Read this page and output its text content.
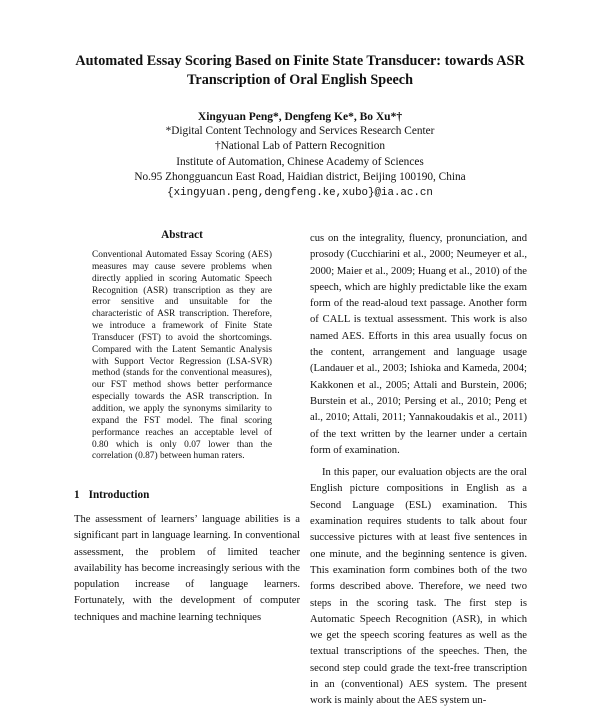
Automated Essay Scoring Based on Finite State Transducer: towards ASR Transcription of Oral English Speech
Xingyuan Peng*, Dengfeng Ke*, Bo Xu*†
*Digital Content Technology and Services Research Center
†National Lab of Pattern Recognition
Institute of Automation, Chinese Academy of Sciences
No.95 Zhongguancun East Road, Haidian district, Beijing 100190, China
{xingyuan.peng,dengfeng.ke,xubo}@ia.ac.cn
Abstract
Conventional Automated Essay Scoring (AES) measures may cause severe problems when directly applied in scoring Automatic Speech Recognition (ASR) transcription as they are error sensitive and unsuitable for the characteristic of ASR transcription. Therefore, we introduce a framework of Finite State Transducer (FST) to avoid the shortcomings. Compared with the Latent Semantic Analysis with Support Vector Regression (LSA-SVR) method (stands for the conventional measures), our FST method shows better performance especially towards the ASR transcription. In addition, we apply the synonyms similarity to expand the FST model. The final scoring performance reaches an acceptable level of 0.80 which is only 0.07 lower than the correlation (0.87) between human raters.
1 Introduction
The assessment of learners’ language abilities is a significant part in language learning. In conventional assessment, the problem of limited teacher availability has become increasingly serious with the population increase of language learners. Fortunately, with the development of computer techniques and machine learning techniques

cus on the integrality, fluency, pronunciation, and prosody (Cucchiarini et al., 2000; Neumeyer et al., 2000; Maier et al., 2009; Huang et al., 2010) of the speech, which are highly predictable like the exam form of the read-aloud text passage. Another form of CALL is textual assessment. This work is also named AES. Efforts in this area usually focus on the content, arrangement and language usage (Landauer et al., 2003; Ishioka and Kameda, 2004; Kakkonen et al., 2005; Attali and Burstein, 2006; Burstein et al., 2010; Persing et al., 2010; Peng et al., 2010; Attali, 2011; Yannakoudakis et al., 2011) of the text written by the learner under a certain form of examination.

In this paper, our evaluation objects are the oral English picture compositions in English as a Second Language (ESL) examination. This examination requires students to talk about four successive pictures with at least five sentences in one minute, and the beginning sentence is given. This examination form combines both of the two forms described above. Therefore, we need two steps in the scoring task. The first step is Automatic Speech Recognition (ASR), in which we get the speech scoring features as well as the textual transcriptions of the speeches. Then, the second step could grade the text-free transcription in an (conventional) AES system. The present work is mainly about the AES system un-
